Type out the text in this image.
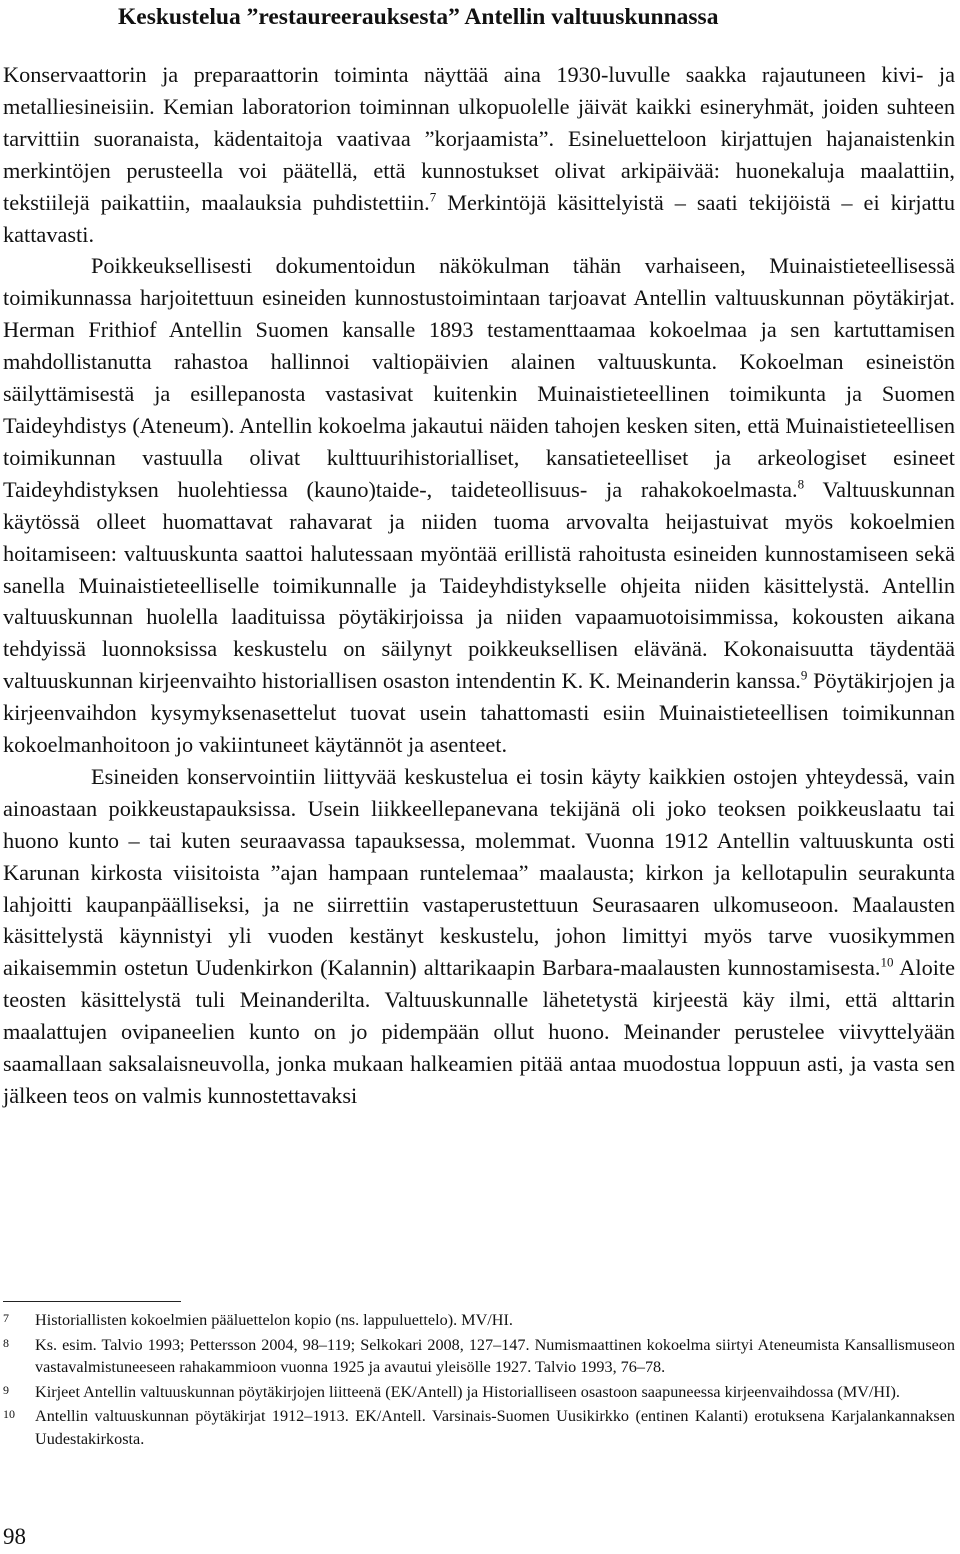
Keskustelua ”restaureerauksesta” Antellin valtuuskunnassa

Konservaattorin ja preparaattorin toiminta näyttää aina 1930-luvulle saakka rajautuneen kivi- ja metalliesineisiin. Kemian laboratorion toiminnan ulkopuolelle jäivät kaikki esineryhmät, joiden suhteen tarvittiin suoranaista, kädentaitoja vaativaa ”korjaamista”. Esineluetteloon kirjattujen hajanaistenkin merkintöjen perusteella voi päätellä, että kunnostukset olivat arkipäivää: huonekaluja maalattiin, tekstiilejä paikattiin, maalauksia puhdistettiin.$^7$ Merkintöjä käsittelyistä – saati tekijöistä – ei kirjattu kattavasti.

Poikkeuksellisesti dokumentoidun näkökulman tähän varhaiseen, Muinaistieteellisessä toimikunnassa harjoitettuun esineiden kunnostustoimintaan tarjoavat Antellin valtuuskunnan pöytäkirjat. Herman Frithiof Antellin Suomen kansalle 1893 testamenttaamaa kokoelmaa ja sen kartuttamisen mahdollistanutta rahastoa hallinnoi valtiopäivien alainen valtuuskunta. Kokoelman esineistön säilyttämisestä ja esillepanosta vastasivat kuitenkin Muinaistieteellinen toimikunta ja Suomen Taideyhdistys (Ateneum). Antellin kokoelma jakautui näiden tahojen kesken siten, että Muinaistieteellisen toimikunnan vastuulla olivat kulttuurihistorialliset, kansatieteelliset ja arkeologiset esineet Taideyhdistyksen huolehtiessa (kauno)taide-, taideteollisuus- ja rahakokoelmasta.$^8$ Valtuuskunnan käytössä olleet huomattavat rahavarat ja niiden tuoma arvovalta heijastuivat myös kokoelmien hoitamiseen: valtuuskunta saattoi halutessaan myöntää erillistä rahoitusta esineiden kunnostamiseen sekä sanella Muinaistieteelliselle toimikunnalle ja Taideyhdistykselle ohjeita niiden käsittelystä. Antellin valtuuskunnan huolella laadituissa pöytäkirjoissa ja niiden vapaamuotoisimmissa, kokousten aikana tehdyissä luonnoksissa keskustelu on säilynyt poikkeuksellisen elävänä. Kokonaisuutta täydentää valtuuskunnan kirjeenvaihto historiallisen osaston intendentin K. K. Meinanderin kanssa.$^9$ Pöytäkirjojen ja kirjeenvaihdon kysymyksenasettelut tuovat usein tahattomasti esiin Muinaistieteellisen toimikunnan kokoelmanhoitoon jo vakiintuneet käytännöt ja asenteet.

Esineiden konservointiin liittyvää keskustelua ei tosin käyty kaikkien ostojen yhteydessä, vain ainoastaan poikkeustapauksissa. Usein liikkeellepanevana tekijänä oli joko teoksen poikkeuslaatu tai huono kunto – tai kuten seuraavassa tapauksessa, molemmat. Vuonna 1912 Antellin valtuuskunta osti Karunan kirkosta viisitoista ”ajan hampaan runtelemaa” maalausta; kirkon ja kellotapulin seurakunta lahjoitti kaupanpäälliseksi, ja ne siirrettiin vastaperustettuun Seurasaaren ulkomuseoon. Maalausten käsittelystä käynnistyi yli vuoden kestänyt keskustelu, johon limittyi myös tarve vuosikymmen aikaisemmin ostetun Uudenkirkon (Kalannin) alttarikaapin Barbara-maalausten kunnostamisesta.$^{10}$ Aloite teosten käsittelystä tuli Meinanderilta. Valtuuskunnalle lähetetystä kirjeestä käy ilmi, että alttarin maalattujen ovipaneelien kunto on jo pidempään ollut huono. Meinander perustelee viivyttelyään saamallaan saksalaisneuvolla, jonka mukaan halkeamien pitää antaa muodostua loppuun asti, ja vasta sen jälkeen teos on valmis kunnostettavaksi

7	Historiallisten kokoelmien pääluettelon kopio (ns. lappuluettelo). MV/HI.
8	Ks. esim. Talvio 1993; Pettersson 2004, 98–119; Selkokari 2008, 127–147. Numismaattinen kokoelma siirtyi Ateneumista Kansallismuseon vastavalmistuneeseen rahakammioon vuonna 1925 ja avautui yleisölle 1927. Talvio 1993, 76–78.
9	Kirjeet Antellin valtuuskunnan pöytäkirjojen liitteenä (EK/Antell) ja Historialliseen osastoon saapuneessa kirjeenvaihdossa (MV/HI).
10	Antellin valtuuskunnan pöytäkirjat 1912–1913. EK/Antell. Varsinais-Suomen Uusikirkko (entinen Kalanti) erotuksena Karjalankannaksen Uudestakirkosta.
98
